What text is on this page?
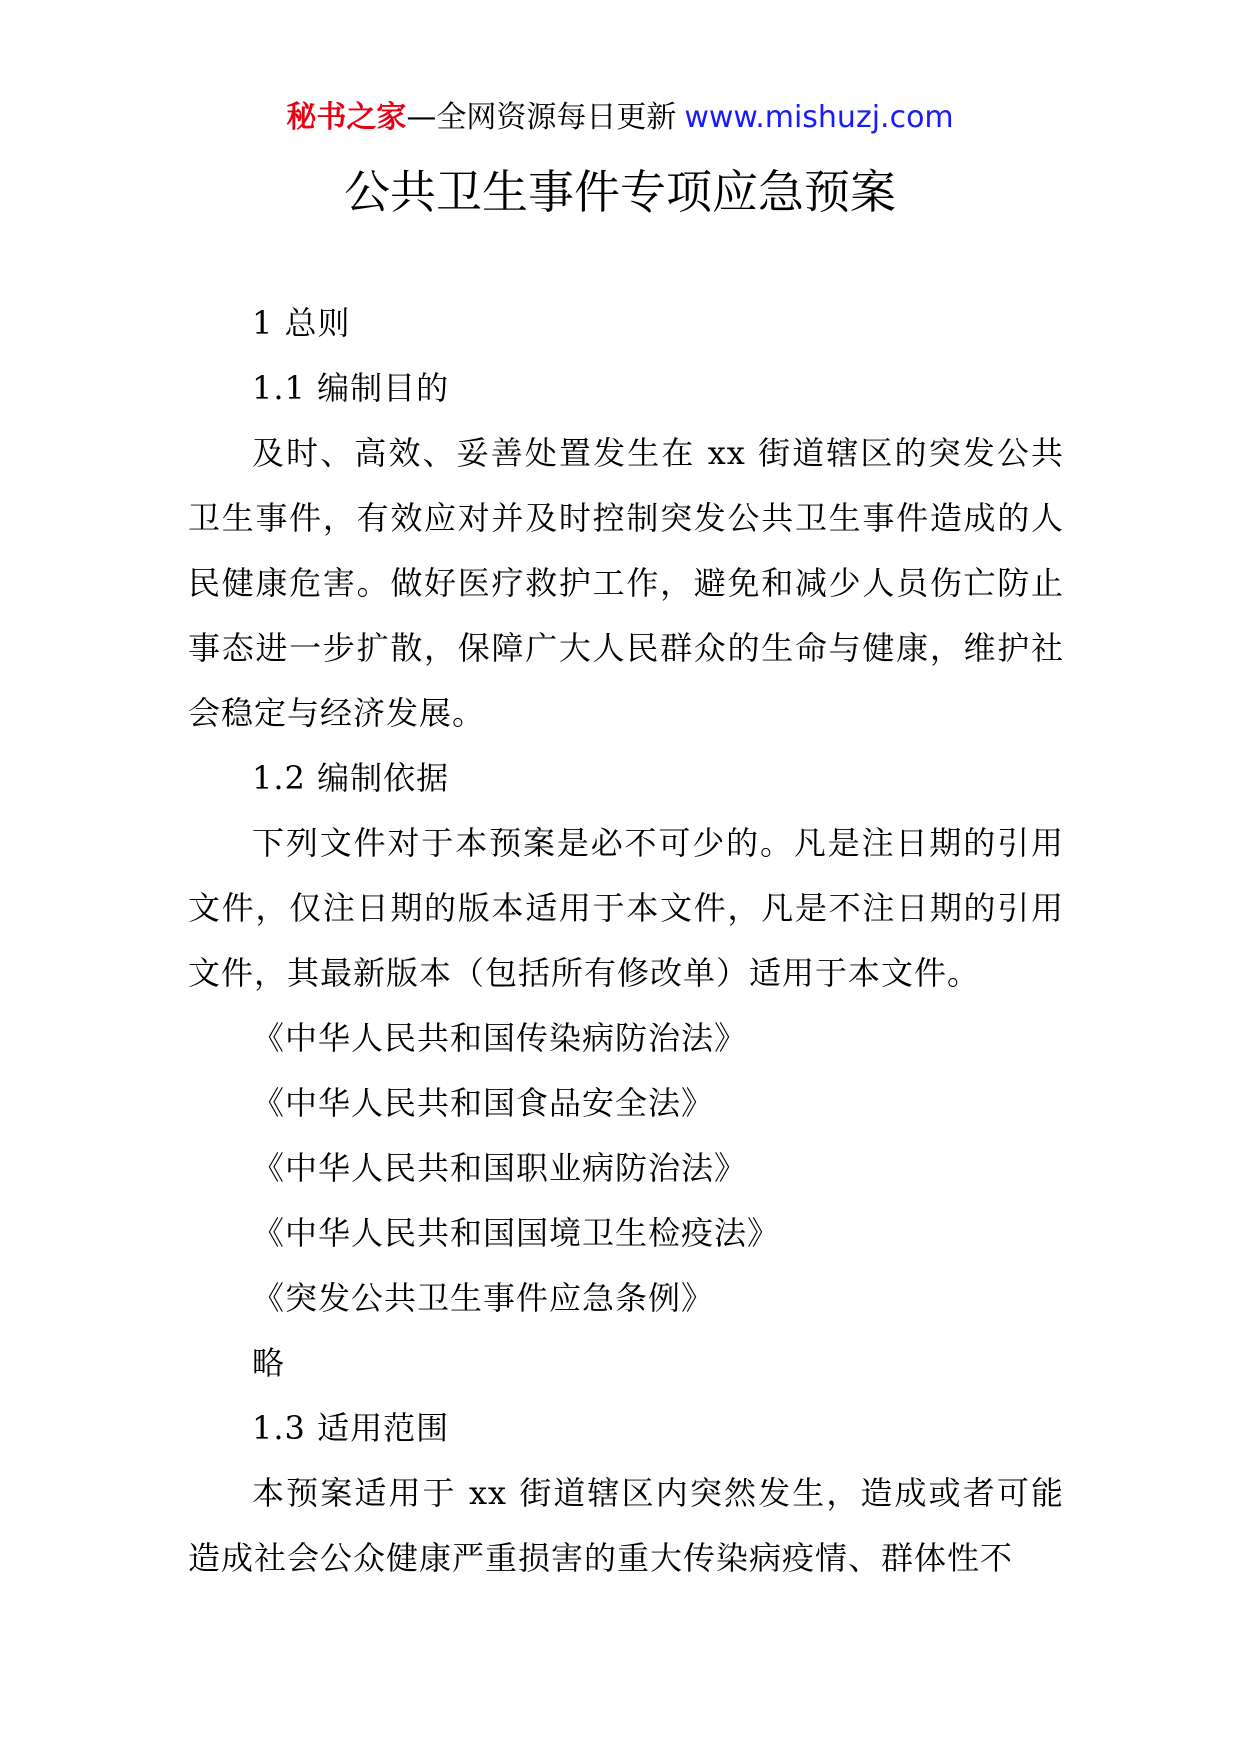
秘书之家—全网资源每日更新 www.mishuzj.com
公共卫生事件专项应急预案

1 总则

1.1 编制目的

及时、高效、妥善处置发生在 xx 街道辖区的突发公共卫生事件，有效应对并及时控制突发公共卫生事件造成的人民健康危害。做好医疗救护工作，避免和减少人员伤亡防止事态进一步扩散，保障广大人民群众的生命与健康，维护社会稳定与经济发展。

1.2 编制依据

下列文件对于本预案是必不可少的。凡是注日期的引用文件，仅注日期的版本适用于本文件，凡是不注日期的引用文件，其最新版本（包括所有修改单）适用于本文件。

《中华人民共和国传染病防治法》

《中华人民共和国食品安全法》

《中华人民共和国职业病防治法》

《中华人民共和国国境卫生检疫法》

《突发公共卫生事件应急条例》

略

1.3 适用范围

本预案适用于 xx 街道辖区内突然发生，造成或者可能造成社会公众健康严重损害的重大传染病疫情、群体性不
